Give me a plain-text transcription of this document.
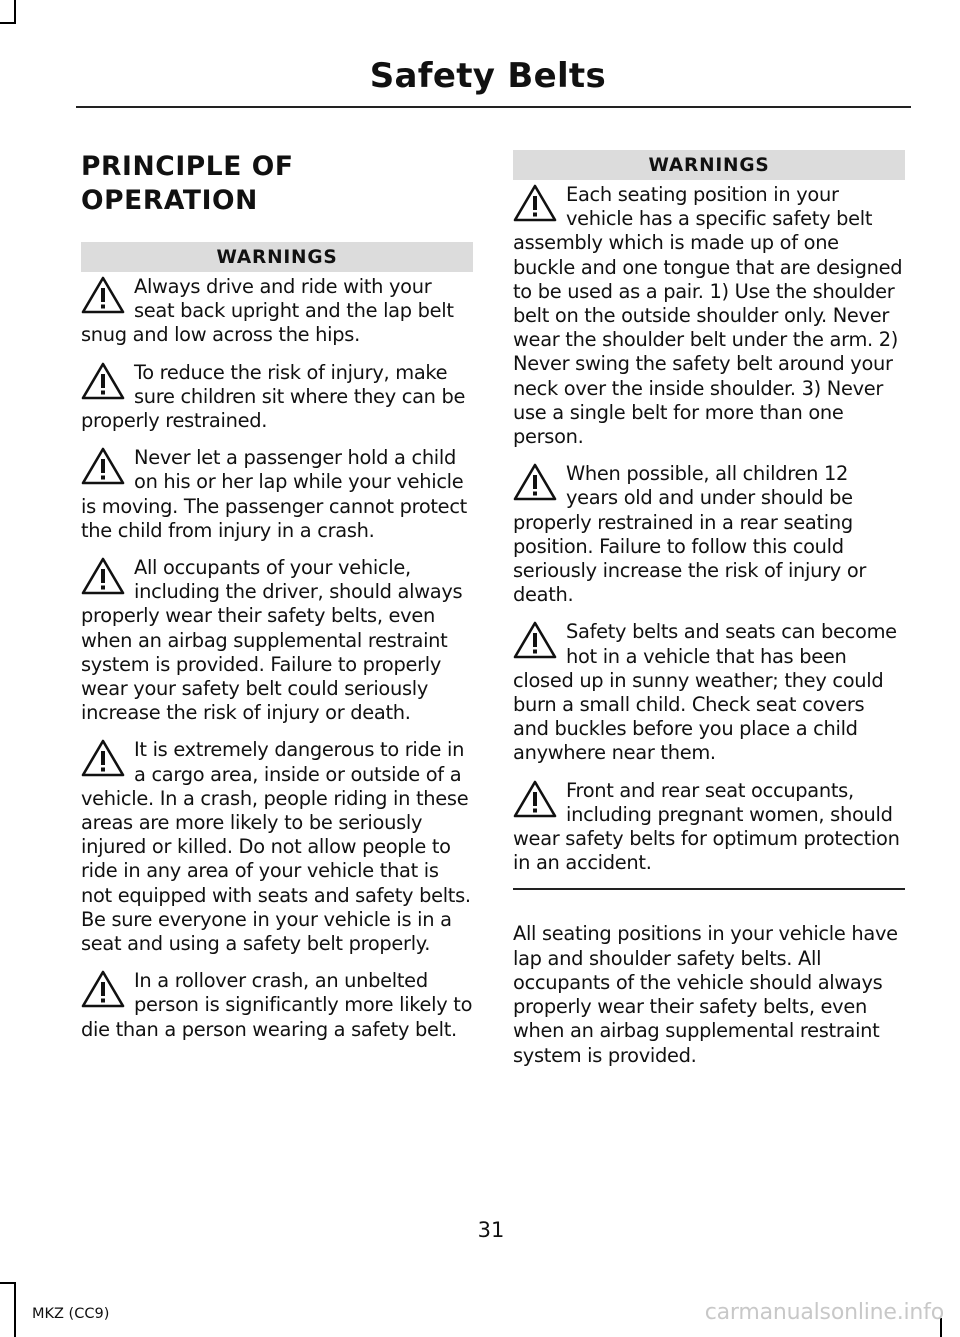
Safety Belts
PRINCIPLE OF OPERATION
WARNINGS

Always drive and ride with your seat back upright and the lap belt snug and low across the hips.

To reduce the risk of injury, make sure children sit where they can be properly restrained.

Never let a passenger hold a child on his or her lap while your vehicle is moving. The passenger cannot protect the child from injury in a crash.

All occupants of your vehicle, including the driver, should always properly wear their safety belts, even when an airbag supplemental restraint system is provided. Failure to properly wear your safety belt could seriously increase the risk of injury or death.

It is extremely dangerous to ride in a cargo area, inside or outside of a vehicle. In a crash, people riding in these areas are more likely to be seriously injured or killed. Do not allow people to ride in any area of your vehicle that is not equipped with seats and safety belts. Be sure everyone in your vehicle is in a seat and using a safety belt properly.

In a rollover crash, an unbelted person is significantly more likely to die than a person wearing a safety belt.

WARNINGS

Each seating position in your vehicle has a specific safety belt assembly which is made up of one buckle and one tongue that are designed to be used as a pair. 1) Use the shoulder belt on the outside shoulder only. Never wear the shoulder belt under the arm. 2) Never swing the safety belt around your neck over the inside shoulder. 3) Never use a single belt for more than one person.

When possible, all children 12 years old and under should be properly restrained in a rear seating position. Failure to follow this could seriously increase the risk of injury or death.

Safety belts and seats can become hot in a vehicle that has been closed up in sunny weather; they could burn a small child. Check seat covers and buckles before you place a child anywhere near them.

Front and rear seat occupants, including pregnant women, should wear safety belts for optimum protection in an accident.

All seating positions in your vehicle have lap and shoulder safety belts. All occupants of the vehicle should always properly wear their safety belts, even when an airbag supplemental restraint system is provided.

31
MKZ (CC9)	carmanualsonline.info
